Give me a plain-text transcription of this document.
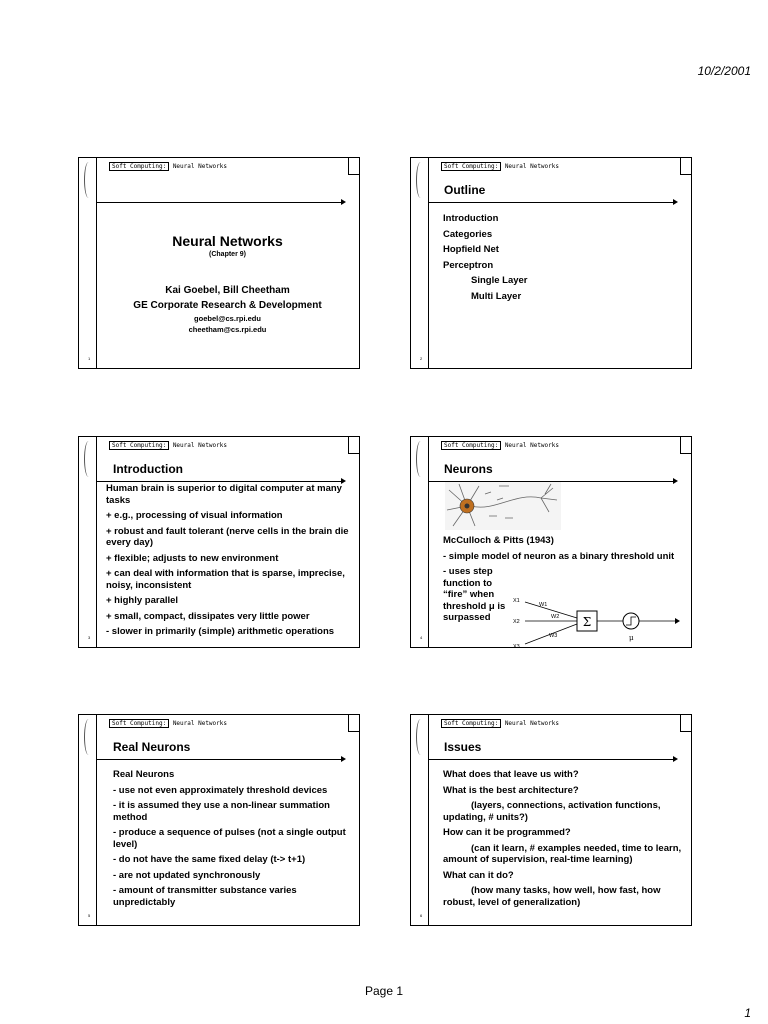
10/2/2001
Soft Computing: Neural Networks
Neural Networks
(Chapter 9)
Kai Goebel, Bill Cheetham
GE Corporate Research & Development
goebel@cs.rpi.edu
cheetham@cs.rpi.edu
1
Soft Computing: Neural Networks
Outline
Introduction
Categories
Hopfield Net
Perceptron
Single Layer
Multi Layer
2
Soft Computing: Neural Networks
Introduction

Human brain is superior to digital computer at many tasks

+ e.g., processing of visual information

+ robust and fault tolerant (nerve cells in the brain die every day)

+ flexible; adjusts to new environment

+ can deal with information that is sparse, imprecise, noisy, inconsistent

+ highly parallel

+ small, compact, dissipates very little power

- slower in primarily (simple) arithmetic operations

3
Soft Computing: Neural Networks
Neurons

McCulloch & Pitts (1943)

- simple model of neuron as a binary threshold unit

- uses step function to “fire” when threshold μ is surpassed	Σ
X1
X2
X3
W1
W2
W3	μ
4
Soft Computing: Neural Networks
Real Neurons

Real Neurons

- use not even approximately threshold devices

- it is assumed they use a non-linear summation method

- produce a sequence of pulses (not a single output level)

- do not have the same fixed delay (t-> t+1)

- are not updated synchronously

- amount of transmitter substance varies unpredictably

5
Soft Computing: Neural Networks
Issues

What does that leave us with?

What is the best architecture?

(layers, connections, activation functions, updating, # units?)

How can it be programmed?

(can it learn, # examples needed, time to learn, amount of supervision, real-time learning)

What can it do?

(how many tasks, how well, how fast, how robust, level of generalization)

6
Page 1
1
